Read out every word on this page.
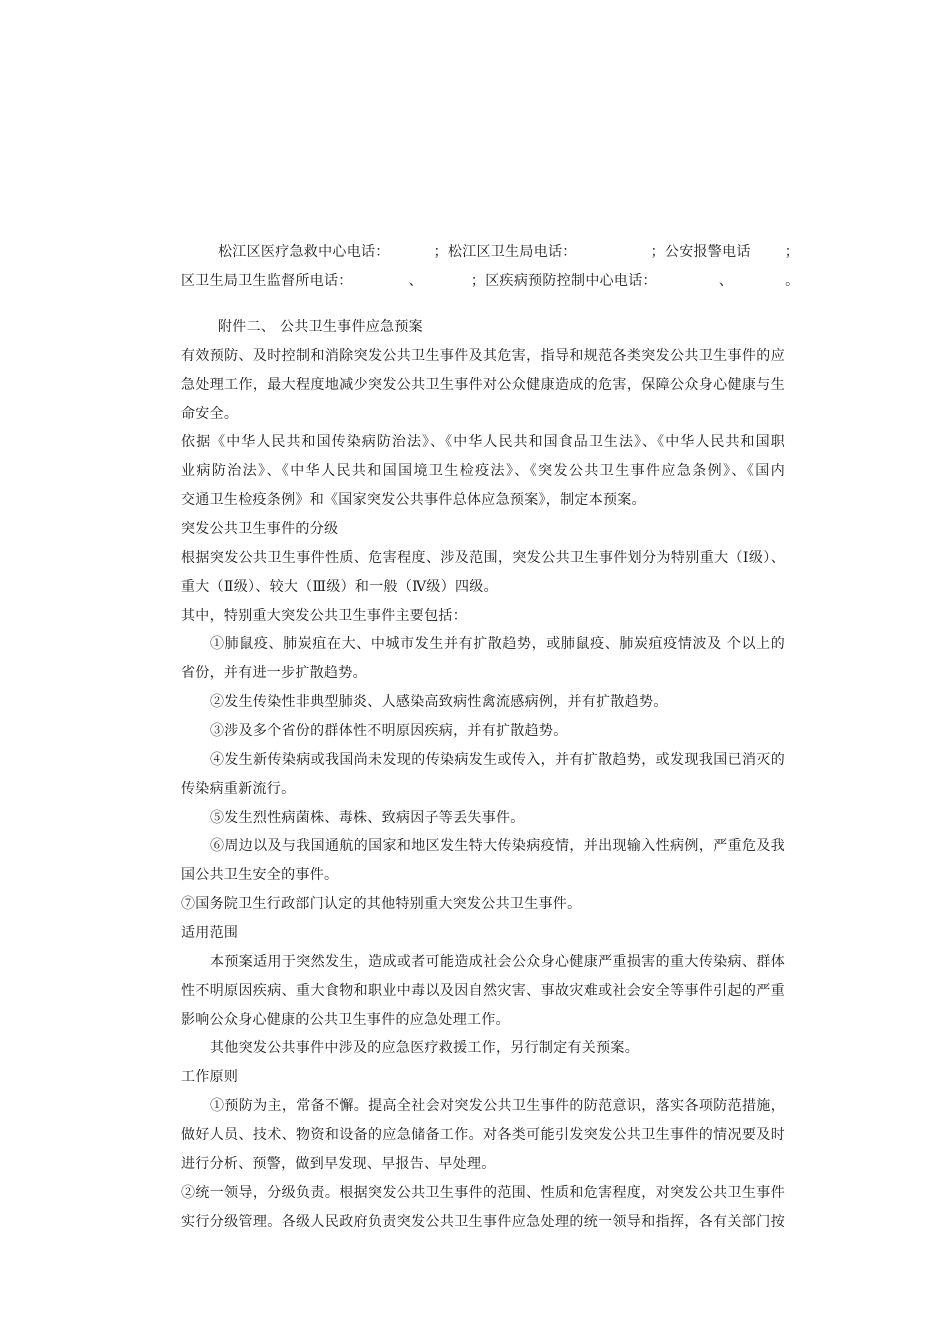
松江区医疗急救中心电话：	；松江区卫生局电话：	；公安报警电话 ；
区卫生局卫生监督所电话：	、	；区疾病预防控制中心电话：	、	。
附件二、 公共卫生事件应急预案
有效预防、及时控制和消除突发公共卫生事件及其危害，指导和规范各类突发公共卫生事件的应
急处理工作，最大程度地减少突发公共卫生事件对公众健康造成的危害，保障公众身心健康与生
命安全。
依据《中华人民共和国传染病防治法》、《中华人民共和国食品卫生法》、《中华人民共和国职
业病防治法》、《中华人民共和国国境卫生检疫法》、《突发公共卫生事件应急条例》、《国内
交通卫生检疫条例》和《国家突发公共事件总体应急预案》，制定本预案。
突发公共卫生事件的分级
根据突发公共卫生事件性质、危害程度、涉及范围，突发公共卫生事件划分为特别重大（Ⅰ级）、
重大（Ⅱ级）、较大（Ⅲ级）和一般（Ⅳ级）四级。
其中，特别重大突发公共卫生事件主要包括：
①肺鼠疫、肺炭疽在大、中城市发生并有扩散趋势，或肺鼠疫、肺炭疽疫情波及 个以上的
省份，并有进一步扩散趋势。
②发生传染性非典型肺炎、人感染高致病性禽流感病例，并有扩散趋势。
③涉及多个省份的群体性不明原因疾病，并有扩散趋势。
④发生新传染病或我国尚未发现的传染病发生或传入，并有扩散趋势，或发现我国已消灭的
传染病重新流行。
⑤发生烈性病菌株、毒株、致病因子等丢失事件。
⑥周边以及与我国通航的国家和地区发生特大传染病疫情，并出现输入性病例，严重危及我
国公共卫生安全的事件。
⑦国务院卫生行政部门认定的其他特别重大突发公共卫生事件。
适用范围
本预案适用于突然发生，造成或者可能造成社会公众身心健康严重损害的重大传染病、群体
性不明原因疾病、重大食物和职业中毒以及因自然灾害、事故灾难或社会安全等事件引起的严重
影响公众身心健康的公共卫生事件的应急处理工作。
其他突发公共事件中涉及的应急医疗救援工作，另行制定有关预案。
工作原则
①预防为主，常备不懈。提高全社会对突发公共卫生事件的防范意识，落实各项防范措施，
做好人员、技术、物资和设备的应急储备工作。对各类可能引发突发公共卫生事件的情况要及时
进行分析、预警，做到早发现、早报告、早处理。
②统一领导，分级负责。根据突发公共卫生事件的范围、性质和危害程度，对突发公共卫生事件
实行分级管理。各级人民政府负责突发公共卫生事件应急处理的统一领导和指挥，各有关部门按
